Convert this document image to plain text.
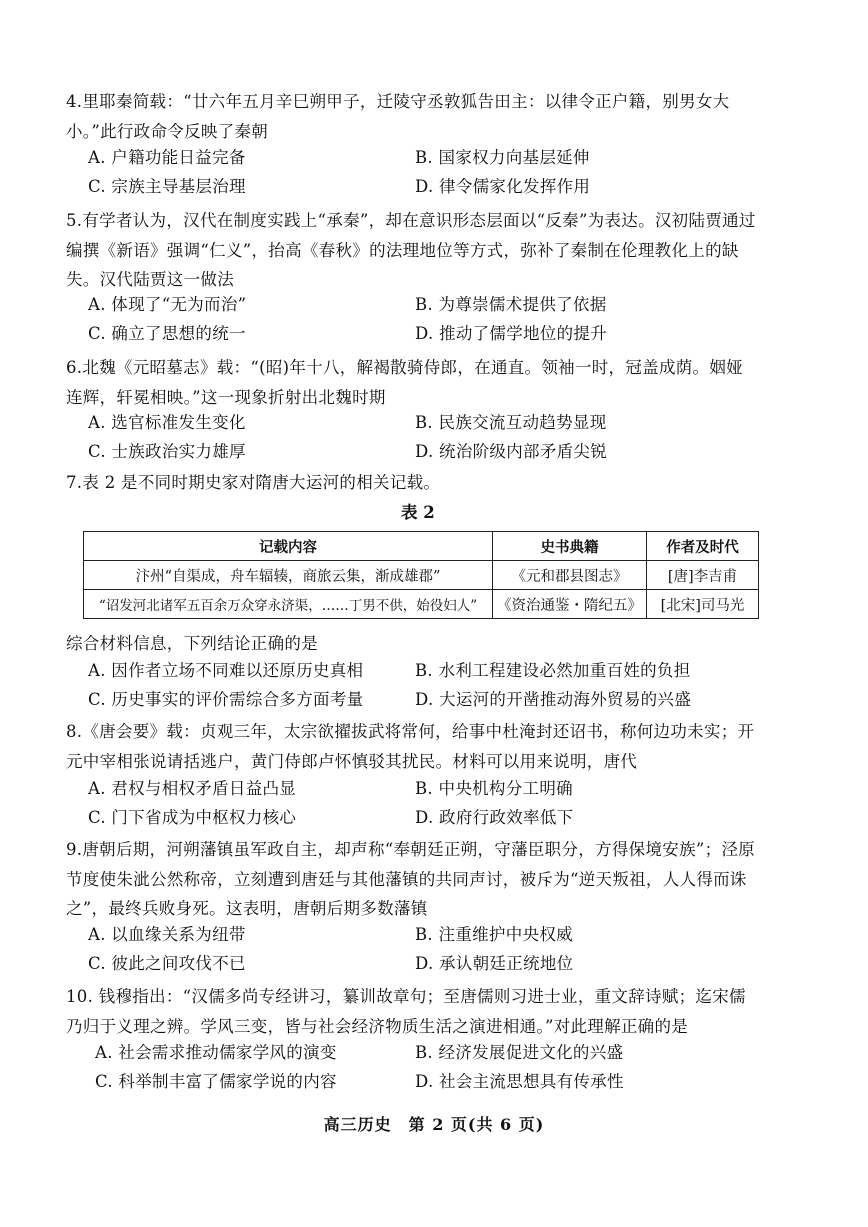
4.里耶秦简载：“廿六年五月辛巳朔甲子，迁陵守丞敦狐告田主：以律令正户籍，别男女大小。”此行政命令反映了秦朝
A. 户籍功能日益完备	B. 国家权力向基层延伸
C. 宗族主导基层治理	D. 律令儒家化发挥作用
5.有学者认为，汉代在制度实践上“承秦”，却在意识形态层面以“反秦”为表达。汉初陆贾通过编撰《新语》强调“仁义”，抬高《春秋》的法理地位等方式，弥补了秦制在伦理教化上的缺失。汉代陆贾这一做法
A. 体现了“无为而治”	B. 为尊崇儒术提供了依据
C. 确立了思想的统一	D. 推动了儒学地位的提升
6.北魏《元昭墓志》载：“(昭)年十八，解褐散骑侍郎，在通直。领袖一时，冠盖成荫。姻娅连辉，轩冕相映。”这一现象折射出北魏时期
A. 选官标准发生变化	B. 民族交流互动趋势显现
C. 士族政治实力雄厚	D. 统治阶级内部矛盾尖锐
7.表 2 是不同时期史家对隋唐大运河的相关记载。
表 2
记载内容	史书典籍	作者及时代
汴州“自渠成，舟车辐辏，商旅云集，渐成雄郡”	《元和郡县图志》	[唐]李吉甫
“诏发河北诸军五百余万众穿永济渠，……丁男不供，始役妇人”	《资治通鉴・隋纪五》	[北宋]司马光
综合材料信息，下列结论正确的是
A. 因作者立场不同难以还原历史真相	B. 水利工程建设必然加重百姓的负担
C. 历史事实的评价需综合多方面考量	D. 大运河的开凿推动海外贸易的兴盛
8.《唐会要》载：贞观三年，太宗欲擢拔武将常何，给事中杜淹封还诏书，称何边功未实；开元中宰相张说请括逃户，黄门侍郎卢怀慎驳其扰民。材料可以用来说明，唐代
A. 君权与相权矛盾日益凸显	B. 中央机构分工明确
C. 门下省成为中枢权力核心	D. 政府行政效率低下
9.唐朝后期，河朔藩镇虽军政自主，却声称“奉朝廷正朔，守藩臣职分，方得保境安族”；泾原节度使朱泚公然称帝，立刻遭到唐廷与其他藩镇的共同声讨，被斥为“逆天叛祖，人人得而诛之”，最终兵败身死。这表明，唐朝后期多数藩镇
A. 以血缘关系为纽带	B. 注重维护中央权威
C. 彼此之间攻伐不已	D. 承认朝廷正统地位
10. 钱穆指出：“汉儒多尚专经讲习，纂训故章句；至唐儒则习进士业，重文辞诗赋；迄宋儒乃归于义理之辨。学风三变，皆与社会经济物质生活之演进相通。”对此理解正确的是
A. 社会需求推动儒家学风的演变	B. 经济发展促进文化的兴盛
C. 科举制丰富了儒家学说的内容	D. 社会主流思想具有传承性
高三历史　第 2 页(共 6 页)
